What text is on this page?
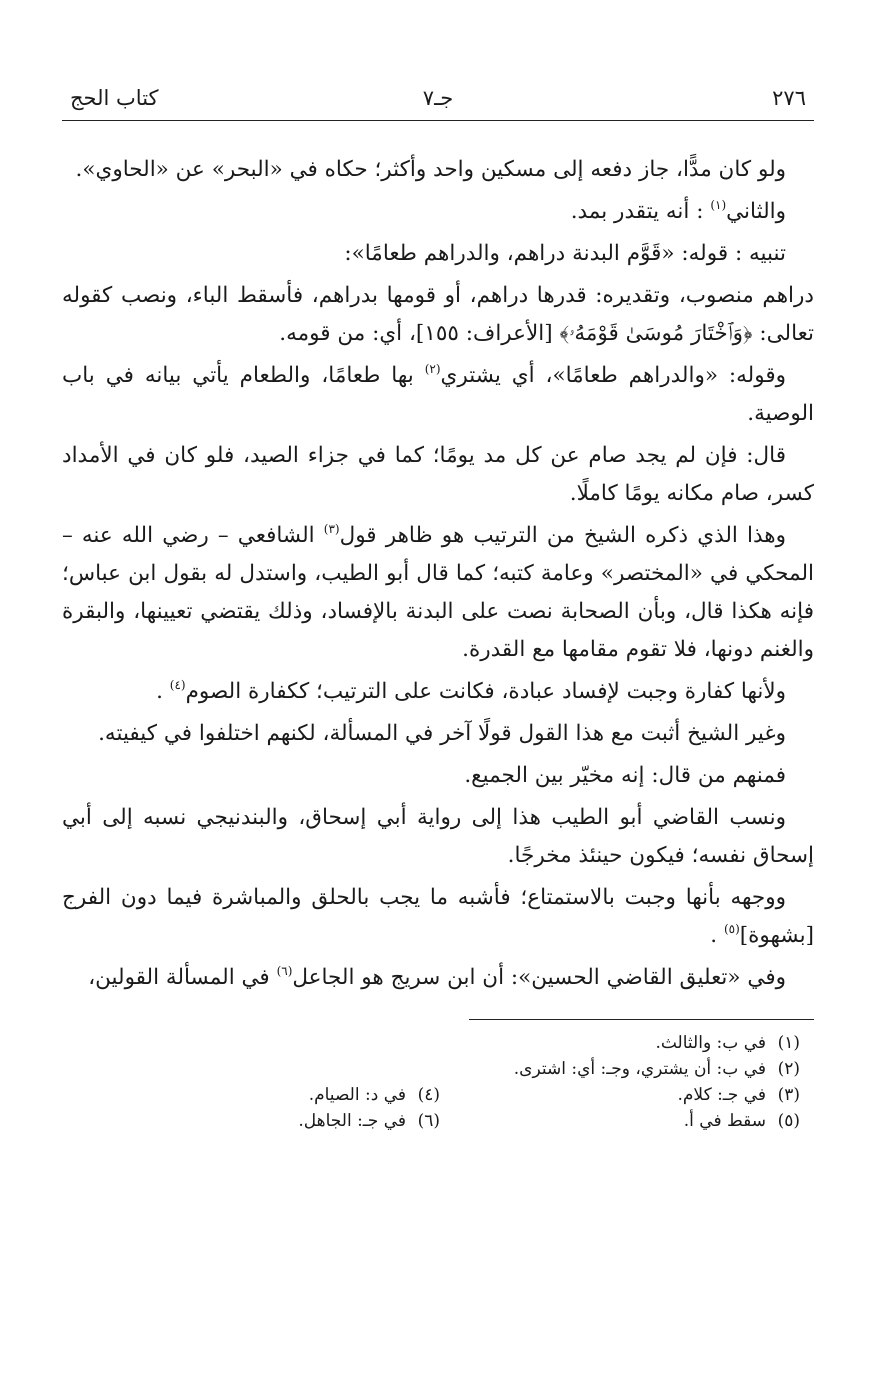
٢٧٦
جـ٧
كتاب الحج

ولو كان مدًّا، جاز دفعه إلى مسكين واحد وأكثر؛ حكاه في «البحر» عن «الحاوي».

والثاني$^{(١)}$ : أنه يتقدر بمد.

تنبيه : قوله: «قَوَّم البدنة دراهم، والدراهم طعامًا»:

دراهم منصوب، وتقديره: قدرها دراهم، أو قومها بدراهم، فأسقط الباء، ونصب كقوله تعالى: ﴿وَٱخْتَارَ مُوسَىٰ قَوْمَهُۥ﴾ [الأعراف: ١٥٥]، أي: من قومه.

وقوله: «والدراهم طعامًا»، أي يشتري$^{(٢)}$ بها طعامًا، والطعام يأتي بيانه في باب الوصية.

قال: فإن لم يجد صام عن كل مد يومًا؛ كما في جزاء الصيد، فلو كان في الأمداد كسر، صام مكانه يومًا كاملًا.

وهذا الذي ذكره الشيخ من الترتيب هو ظاهر قول$^{(٣)}$ الشافعي – رضي الله عنه – المحكي في «المختصر» وعامة كتبه؛ كما قال أبو الطيب، واستدل له بقول ابن عباس؛ فإنه هكذا قال، وبأن الصحابة نصت على البدنة بالإفساد، وذلك يقتضي تعيينها، والبقرة والغنم دونها، فلا تقوم مقامها مع القدرة.

ولأنها كفارة وجبت لإفساد عبادة، فكانت على الترتيب؛ ككفارة الصوم$^{(٤)}$ .

وغير الشيخ أثبت مع هذا القول قولًا آخر في المسألة، لكنهم اختلفوا في كيفيته.

فمنهم من قال: إنه مخيّر بين الجميع.

ونسب القاضي أبو الطيب هذا إلى رواية أبي إسحاق، والبندنيجي نسبه إلى أبي إسحاق نفسه؛ فيكون حينئذ مخرجًا.

ووجهه بأنها وجبت بالاستمتاع؛ فأشبه ما يجب بالحلق والمباشرة فيما دون الفرج [بشهوة]$^{(٥)}$ .

وفي «تعليق القاضي الحسين»: أن ابن سريج هو الجاعل$^{(٦)}$ في المسألة القولين،

(١)في ب: والثالث.
(٢)في ب: أن يشتري، وجـ: أي: اشترى.
(٣)في جـ: كلام.
(٤)في د: الصيام.
(٥)سقط في أ.
(٦)في جـ: الجاهل.
